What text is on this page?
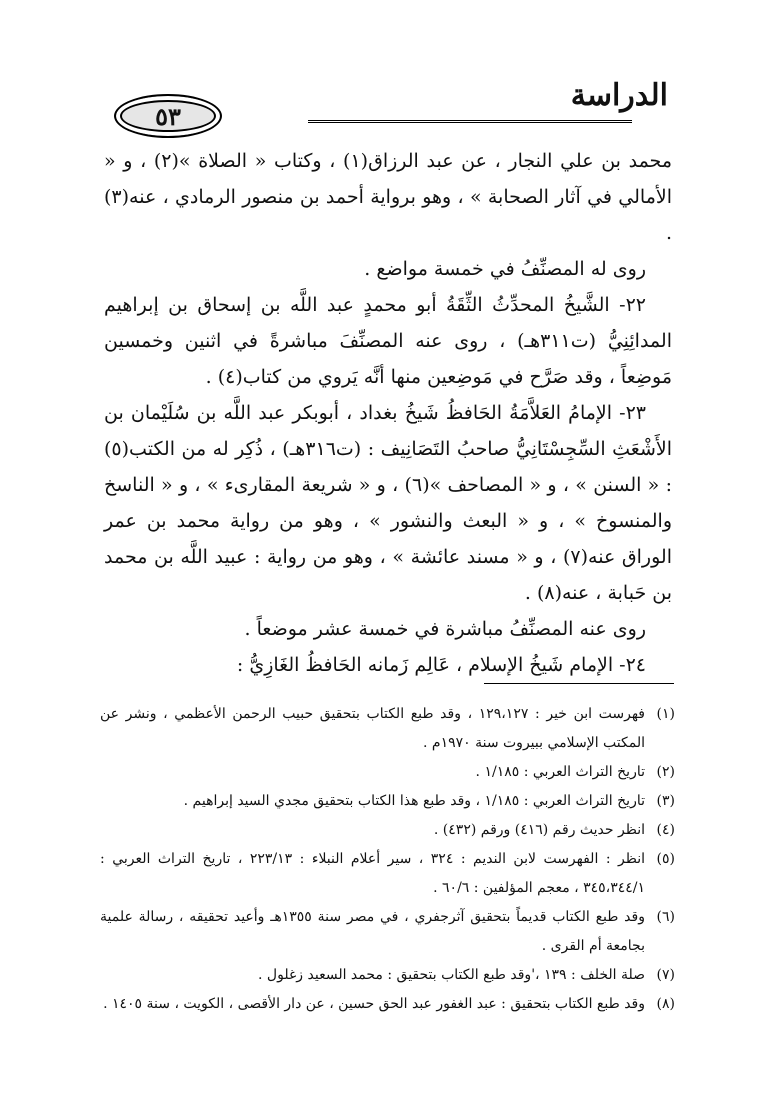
٥٣
الدراسة

محمد بن علي النجار ، عن عبد الرزاق(١) ، وكتاب « الصلاة »(٢) ، و « الأمالي في آثار الصحابة » ، وهو برواية أحمد بن منصور الرمادي ، عنه(٣) .

روى له المصنِّفُ في خمسة مواضع .

٢٢- الشَّيخُ المحدِّثُ الثِّقَةُ أبو محمدٍ عبد اللَّه بن إسحاق بن إبراهيم المدائِنِيُّ (ت٣١١هـ) ، روى عنه المصنِّفَ مباشرةً في اثنين وخمسين مَوضِعاً ، وقد صَرَّح في مَوضِعين منها أنَّه يَروي من كتاب(٤) .

٢٣- الإمامُ العَلاَّمَةُ الحَافظُ شَيخُ بغداد ، أبوبكر عبد اللَّه بن سُلَيْمان بن الأَشْعَثِ السِّجِسْتَانِيُّ صاحبُ التَصَانِيف : (ت٣١٦هـ) ، ذُكِر له من الكتب(٥) : « السنن » ، و « المصاحف »(٦) ، و « شريعة المقارىء » ، و « الناسخ والمنسوخ » ، و « البعث والنشور » ، وهو من رواية محمد بن عمر الوراق عنه(٧) ، و « مسند عائشة » ، وهو من رواية : عبيد اللَّه بن محمد بن حَبابة ، عنه(٨) .

روى عنه المصنِّفُ مباشرة في خمسة عشر موضعاً .

٢٤- الإمام شَيخُ الإسلام ، عَالِم زَمانه الحَافظُ الغَازِيُّ :

(١)
فهرست ابن خير : ١٢٩،١٢٧ ، وقد طبع الكتاب بتحقيق حبيب الرحمن الأعظمي ، ونشر عن المكتب الإسلامي ببيروت سنة ١٩٧٠م .
(٢)
تاريخ التراث العربي : ١/١٨٥ .
(٣)
تاريخ التراث العربي : ١/١٨٥ ، وقد طبع هذا الكتاب بتحقيق مجدي السيد إبراهيم .
(٤)
انظر حديث رقم (٤١٦) ورقم (٤٣٢) .
(٥)
انظر : الفهرست لابن النديم : ٣٢٤ ، سير أعلام النبلاء : ٢٢٣/١٣ ، تاريخ التراث العربي : ٣٤٥،٣٤٤/١ ، معجم المؤلفين : ٦٠/٦ .
(٦)
وقد طبع الكتاب قديماً بتحقيق آثرجفري ، في مصر سنة ١٣٥٥هـ وأعيد تحقيقه ، رسالة علمية بجامعة أم القرى .
(٧)
صلة الخلف : ١٣٩ ،'وقد طبع الكتاب بتحقيق : محمد السعيد زغلول .
(٨)
وقد طبع الكتاب بتحقيق : عبد الغفور عبد الحق حسين ، عن دار الأقصى ، الكويت ، سنة ١٤٠٥ .
